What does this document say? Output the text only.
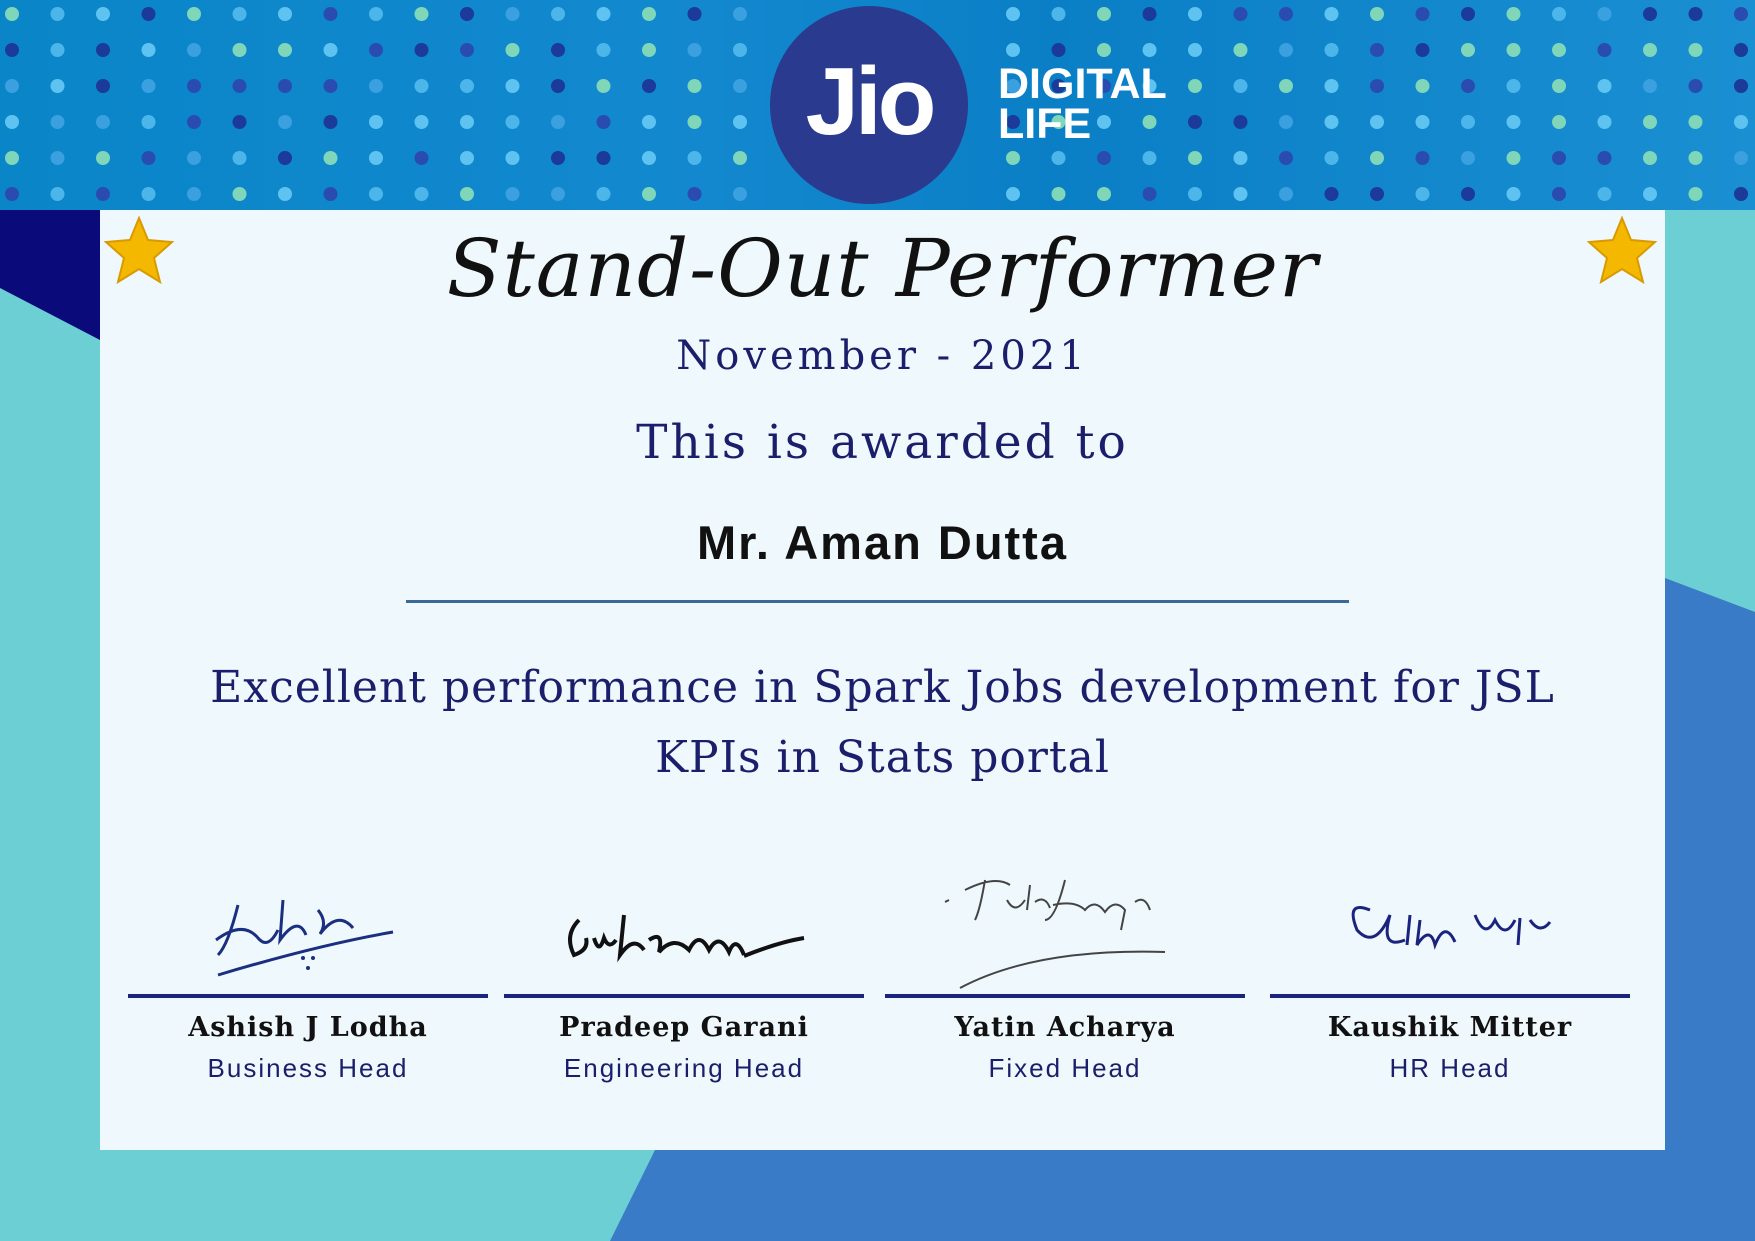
Jio DIGITAL
LIFE
Stand-Out Performer
November - 2021
This is awarded to
Mr. Aman Dutta
Excellent performance in Spark Jobs development for JSL KPIs in Stats portal
Ashish J Lodha
Business Head
Pradeep Garani
Engineering Head
Yatin Acharya
Fixed Head
Kaushik Mitter
HR Head
